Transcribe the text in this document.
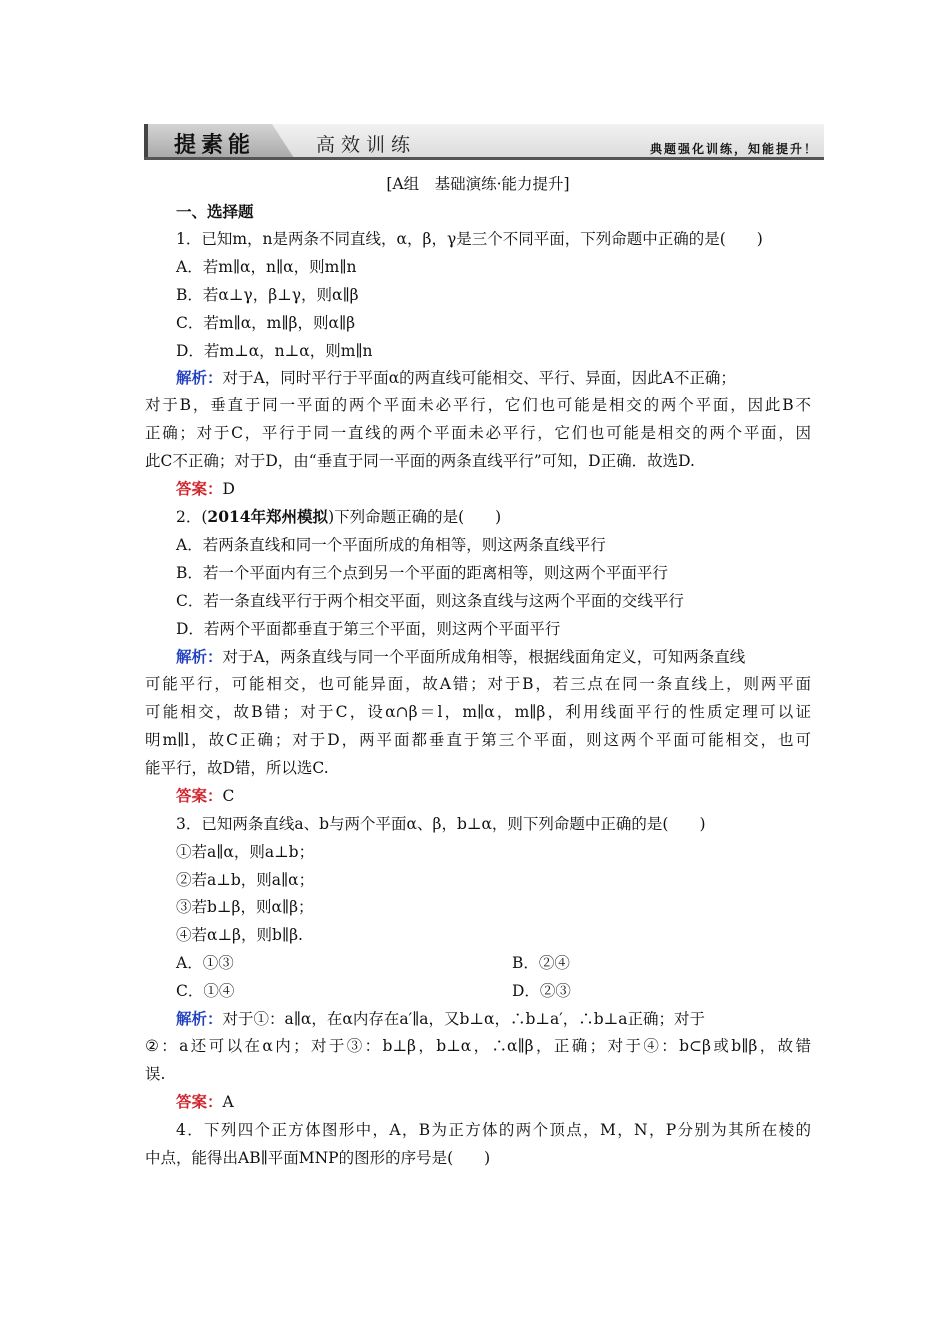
提素能	高效训练	典题强化训练，知能提升！
[A组　基础演练·能力提升]
一、选择题
1．已知m，n是两条不同直线，α，β，γ是三个不同平面，下列命题中正确的是(　　)
A．若m∥α，n∥α，则m∥n
B．若α⊥γ，β⊥γ，则α∥β
C．若m∥α，m∥β，则α∥β
D．若m⊥α，n⊥α，则m∥n
解析：对于A，同时平行于平面α的两直线可能相交、平行、异面，因此A不正确；
对于B，垂直于同一平面的两个平面未必平行，它们也可能是相交的两个平面，因此B不
正确；对于C，平行于同一直线的两个平面未必平行，它们也可能是相交的两个平面，因
此C不正确；对于D，由“垂直于同一平面的两条直线平行”可知，D正确．故选D.
答案：D
2．(2014年郑州模拟)下列命题正确的是(　　)
A．若两条直线和同一个平面所成的角相等，则这两条直线平行
B．若一个平面内有三个点到另一个平面的距离相等，则这两个平面平行
C．若一条直线平行于两个相交平面，则这条直线与这两个平面的交线平行
D．若两个平面都垂直于第三个平面，则这两个平面平行
解析：对于A，两条直线与同一个平面所成角相等，根据线面角定义，可知两条直线
可能平行，可能相交，也可能异面，故A错；对于B，若三点在同一条直线上，则两平面
可能相交，故B错；对于C，设α∩β＝l，m∥α，m∥β，利用线面平行的性质定理可以证
明m∥l，故C正确；对于D，两平面都垂直于第三个平面，则这两个平面可能相交，也可
能平行，故D错，所以选C.
答案：C
3．已知两条直线a、b与两个平面α、β，b⊥α，则下列命题中正确的是(　　)
①若a∥α，则a⊥b；
②若a⊥b，则a∥α；
③若b⊥β，则α∥β；
④若α⊥β，则b∥β.
A．①③	B．②④
C．①④	D．②③
解析：对于①：a∥α，在α内存在a′∥a，又b⊥α，∴b⊥a′，∴b⊥a正确；对于
②：a还可以在α内；对于③：b⊥β，b⊥α，∴α∥β，正确；对于④：b⊂β或b∥β，故错
误.
答案：A
4．下列四个正方体图形中，A，B为正方体的两个顶点，M，N，P分别为其所在棱的
中点，能得出AB∥平面MNP的图形的序号是(　　)
